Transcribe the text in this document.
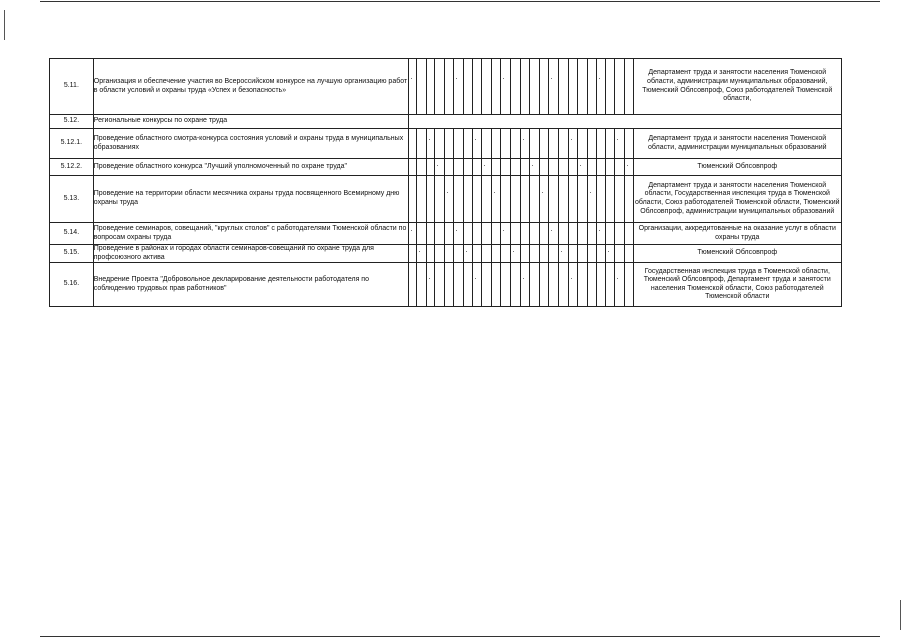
5.11.	Организация и обеспечение участия во Всероссийском конкурсе на лучшую организацию работ в области условий и охраны труда «Успех и безопасность»																									Департамент труда и занятости населения Тюменской области, администрации муниципальных образований, Тюменский Облсовпроф, Союз работодателей Тюменской области,
5.12.	Региональные конкурсы по охране труда																									
5.12.1.	Проведение областного смотра-конкурса состояния условий и охраны труда в муниципальных образованиях																									Департамент труда и занятости населения Тюменской области, администрации муниципальных образований
5.12.2.	Проведение областного конкурса "Лучший уполномоченный по охране труда"																									Тюменский Облсовпроф
5.13.	Проведение на территории области месячника охраны труда посвященного Всемирному дню охраны труда																									Департамент труда и занятости населения Тюменской области, Государственная инспекция труда в Тюменской области, Союз работодателей Тюменской области, Тюменский Облсовпроф, администрации муниципальных образований
5.14.	Проведение семинаров, совещаний, "круглых столов" с работодателями Тюменской области по вопросам охраны труда																									Организации, аккредитованные на оказание услуг в области охраны труда
5.15.	Проведение в районах и городах области семинаров-совещаний по охране труда для профсоюзного актива																									Тюменский Облсовпроф
5.16.	Внедрение Проекта "Добровольное декларирование деятельности работодателя по соблюдению трудовых прав работников"																									Государственная инспекция труда в Тюменской области, Тюменский Облсовпроф, Департамент труда и занятости населения Тюменской области, Союз работодателей Тюменской области
